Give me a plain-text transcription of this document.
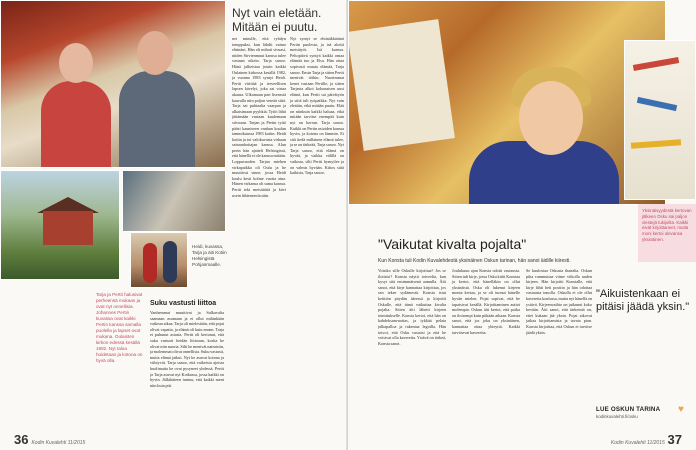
Nyt vain eletään. Mitään ei puutu.
nei minulle, että ryhdyn tomppuksi, kun lähdit vaimo ehtinäni. Hän oli mihoti sivuasi, niiden Sirvienmuut kanssa tulee vastaan oikein. Tarja sanoo. Hänä jalkeistaa jotain kaikki Oulainen kirkossa kesällä 1982, ja vuonna 1983 syntyi Heidi. Pertti virittää ja terveellisen lapsen kävelyt, joka sai virtaa akaasa. Ulkomaan pari lisenssiä kaavalla niin paljon veteää siitä. Tarja sai puhtaalta vaarpan ja alkaisimaan pyyhkiä. Tyttö lähti jättämään vastaan kuulemaan siivoaan. Tarjan ja Pertin tyttö pääsi kauniseen vanhan koulun tammikuussa 1983 kotiin. Heidi kotiin ja toi valokuvasta virkaan sairaanhoitajan kanssa. Alun perin hän ajatteli Helsingissä, että hänellä ei ole kanssa mitään. Loppuvuoden Tarjan miehen virkapaikka oli Oulu ja he muuttivat sinne, jossa Heidi koulu kesti kolme vuotta aina. Hänen virkansa oli sama kanssa. Pertti teki metsätöitä ja kävi usein lähteneen kotiin.
Nyt syntyi se ehtinäkkäränä Pertin puolesta, ja isä aloitti metsätyöt. Isä kanssa. Peltopäivä syntyä kaikki omaa elämää tuo ja Elsa. Hän ottaa sopivasti muuta elämää, Tarja sanoo. Ensin Tarja ja sitten Pertti menivät töihin. Nuorimmat kenet vastaan Pertille, ja sitten Tarjasta alkoi kokonaisen uusi elämä, kun Pertti sai päivätyön ja siitä tuli työpaikka. Nyt vain eletään, eikä mitään puutu. Elää on niinkuin kaikki haluaa, eikä mitään tarvitse enempää kuin nyt on kerran. Tarja sanoo. Kaikki on Pertin asioiden kanssa hyvin, ja kotona on lämmin. Ei sitä tiedä millainen elämä tulee, ja se on tärkeää, Tarja sanoo. Nyt Tarja sanoo, että elämä on hyvää, ja vaikka välillä on vaikeaa, silti Pertti hymyilee ja on valmis hyvään. Kiitos siitä kaikista, Tarja sanoo.
Heidi, kuvassa, Tarja ja äiti Kotiin Helsingistä Pohjanmaalle.
Suku vastusti liittoa
Vanhemmat muuttivat ja Sulkavalta saamaan asumaan ja ei ollut mihinkään vaikeaa aikaa. Tarja oli mielestään, että pojat olivat vapaita, ja elämä oli kuin ennen. Tarja ei puhunut asiasta. Pertti oli kertonut, että suku vastusti heidän liittoaan, koska he olivat niin nuoria. Silti he menivät naimisiin, ja molemmat olivat onnellisia. Suku vastusti, mutta elämä jatkui. Nyt he asuvat kotona ja viihtyvät. Tarja sanoo, että vaikeista ajoista huolimatta he ovat pysyneet yhdessä. Pertti ja Tarja asuvat nyt Kotkassa, jossa kaikki on hyvin. Jälkikäteen tuntuu, että kaikki meni niin kuin piti.
Tarja ja Pertti halusivat perheensä mukaan ja ovat nyt onnellisia. Johannes Pertin kuvassa ovat kaikki Pertin kanssa samalla puolella ja lapset ovat mukana. Oulaisten kirkon edessä kesällä 1982. Nyt taloa hoidetaan ja kotona on hyvä olla.
36 Kodin Kuvalehti 11/2015
Yksinäisyydestä kertovan jälkeen Osku sai paljon viestejä tukijoilta. Kaikki eivät kirjoittaneet, mutta moni kertoi olevansa yksinäinen.
"Vaikutat kivalta pojalta"
Kun Konsta tuli Kodin Kuvalehdestä yksinäinen Oskun tarinan, hän sanoi äidille kiiresti.
Voisiko sille Oskulle kirjoittaa? Jos se iloitsisi? Konsta näytti toiveelta, kun kysyi sitä ensimmäisenä aamulla. Äiti sanoi, että kirje kannattaa kirjoittaa, jos sen tekee sydämestä. Konsta istui keittiön pöydän ääressä ja kirjoitti Oskulle, että tämä vaikuttaa kivalta pojalta. Sitten äiti lähetti kirjeen toimitukselle. Konsta kertoi, että hän on kahdeksanvuotias, ja tykkää pelata jalkapalloa ja rakentaa legoilla. Hän toivoi, että Osku vastaisi ja että he voisivat olla kavereita. Ystävä on tärkeä, Konsta sanoi.
Joulukuun ajan Konsta odotti vastausta. Sitten tuli kirje, jossa Osku kiitti Konstaa ja kertoi, että hänelläkin on ollut yksinäistä. Osku oli lukenut kirjeen monta kertaa, ja se oli tuonut hänelle hyvän mielen. Pojat sopivat, että he tapaisivat kesällä. Kirjoittaminen auttoi molempia. Oskun äiti kertoi, että poika on iloisempi kuin pitkään aikaan. Konsta sanoi, että jos joku on yksinäinen, kannattaa ottaa yhteyttä. Kaikki tarvitsevat kavereita.
Se kuulostaa Oskusta ihanalta. Oskun piha rummuttaa viime viikolla uuden kirjeen. Hän kirjoitti Konstalle, että kirje lähti heti postiin ja hän odottaa vastausta innolla. Oskulla ei ole ollut kavereita koulussa, mutta nyt hänellä on ystävä. Kirjeenvaihto on jatkunut koko kevään. Äiti sanoi, että tärkeintä on, ettei kukaan jää yksin. Pojat aikovat jatkaa kirjoittamista ja tavata pian. Konsta kirjoittaa, että Oskun ei tarvitse jäädä yksin.
"Aikuistenkaan ei pitäisi jäädä yksin."
LUE OSKUN TARINA
kodinkuvalehti.fi/osku
♥
Kodin Kuvalehti 11/2015 37
